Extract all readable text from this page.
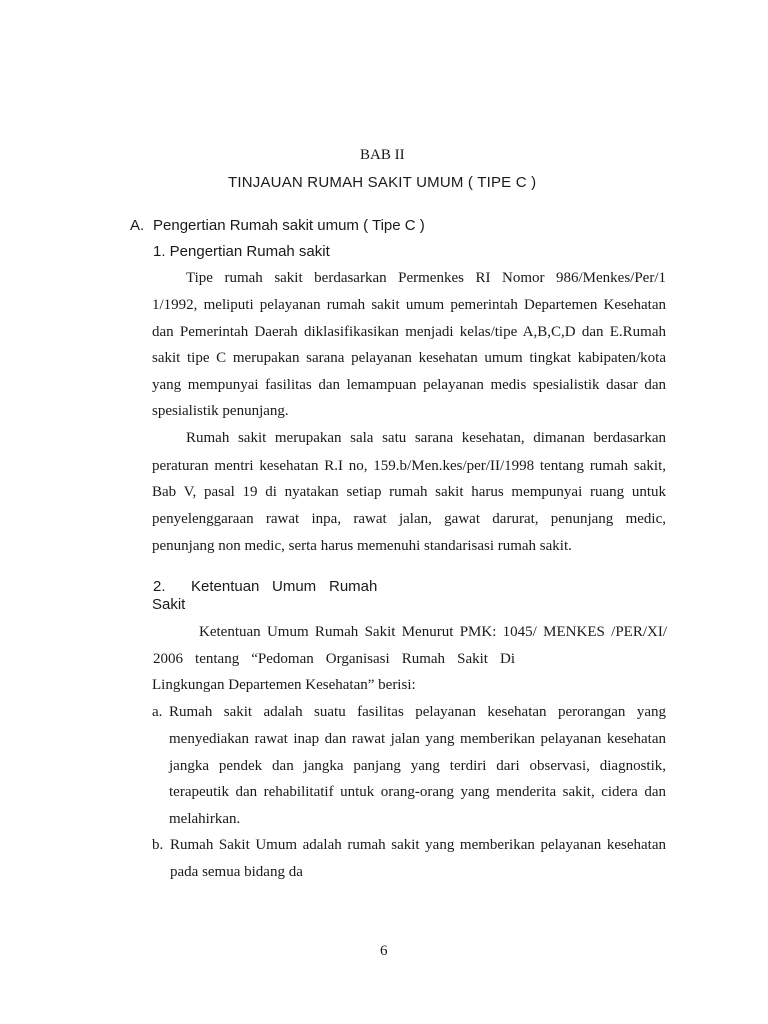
BAB II
TINJAUAN RUMAH SAKIT UMUM ( TIPE C )
A. Pengertian Rumah sakit umum ( Tipe C )
1. Pengertian Rumah sakit
Tipe rumah sakit berdasarkan Permenkes RI Nomor 986/Menkes/Per/1
1/1992, meliputi pelayanan rumah sakit umum pemerintah Departemen Kesehatan
dan Pemerintah Daerah diklasifikasikan menjadi kelas/tipe A,B,C,D dan E.Rumah
sakit tipe C merupakan sarana pelayanan kesehatan umum tingkat kabipaten/kota
yang mempunyai fasilitas dan lemampuan pelayanan medis spesialistik dasar dan
spesialistik penunjang.
Rumah sakit merupakan sala satu sarana kesehatan, dimanan berdasarkan
peraturan mentri kesehatan R.I no, 159.b/Men.kes/per/II/1998 tentang rumah sakit,
Bab V, pasal 19 di nyatakan setiap rumah sakit harus mempunyai ruang untuk
penyelenggaraan rawat inpa, rawat jalan, gawat darurat, penunjang medic,
penunjang non medic, serta harus memenuhi standarisasi rumah sakit.
2. Ketentuan Umum Rumah
Sakit
Ketentuan Umum Rumah Sakit Menurut PMK: 1045/ MENKES /PER/XI/
2006 tentang “Pedoman Organisasi Rumah Sakit Di
Lingkungan Departemen Kesehatan” berisi:
a. Rumah sakit adalah suatu fasilitas pelayanan kesehatan perorangan yang
menyediakan rawat inap dan rawat jalan yang memberikan pelayanan kesehatan
jangka pendek dan jangka panjang yang terdiri dari observasi, diagnostik,
terapeutik dan rehabilitatif untuk orang-orang yang menderita sakit, cidera dan
melahirkan.
b. Rumah Sakit Umum adalah rumah sakit yang memberikan pelayanan kesehatan
pada semua bidang da
6
